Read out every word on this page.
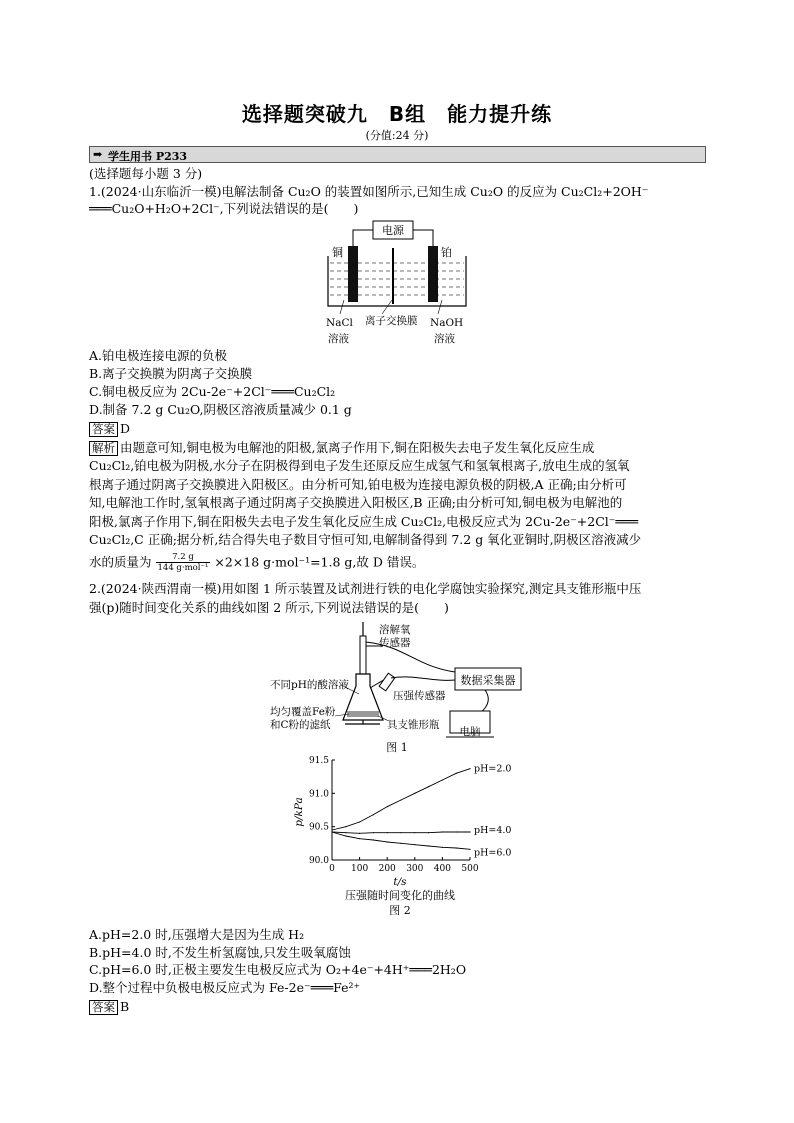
选择题突破九　B组　能力提升练
(分值:24 分)
➡ 学生用书 P233
(选择题每小题 3 分)
1.(2024·山东临沂一模)电解法制备 Cu₂O 的装置如图所示,已知生成 Cu₂O 的反应为 Cu₂Cl₂+2OH⁻
═══Cu₂O+H₂O+2Cl⁻,下列说法错误的是(　　)
电源
铜	铂
离子交换膜
NaCl
溶液
NaOH
溶液
A.铂电极连接电源的负极
B.离子交换膜为阴离子交换膜
C.铜电极反应为 2Cu-2e⁻+2Cl⁻═══Cu₂Cl₂
D.制备 7.2 g Cu₂O,阴极区溶液质量减少 0.1 g
答案 D
解析 由题意可知,铜电极为电解池的阳极,氯离子作用下,铜在阳极失去电子发生氧化反应生成
Cu₂Cl₂,铂电极为阴极,水分子在阴极得到电子发生还原反应生成氢气和氢氧根离子,放电生成的氢氧
根离子通过阴离子交换膜进入阳极区。由分析可知,铂电极为连接电源负极的阴极,A 正确;由分析可
知,电解池工作时,氢氧根离子通过阴离子交换膜进入阳极区,B 正确;由分析可知,铜电极为电解池的
阳极,氯离子作用下,铜在阳极失去电子发生氧化反应生成 Cu₂Cl₂,电极反应式为 2Cu-2e⁻+2Cl⁻═══
Cu₂Cl₂,C 正确;据分析,结合得失电子数目守恒可知,电解制备得到 7.2 g 氧化亚铜时,阴极区溶液减少
水的质量为	7.2 g
144 g·mol⁻¹ ×2×18 g·mol⁻¹=1.8 g,故 D 错误。
2.(2024·陕西渭南一模)用如图 1 所示装置及试剂进行铁的电化学腐蚀实验探究,测定具支锥形瓶中压
强(p)随时间变化关系的曲线如图 2 所示,下列说法错误的是(　　)
溶解氧
传感器
数据采集器
电脑
不同pH的酸溶液
压强传感器
均匀覆盖Fe粉
和C粉的滤纸	具支锥形瓶
图 1
0 100 200 300 400 500
90.0
90.5
91.0
91.5
pH=2.0
pH=4.0
pH=6.0
p/kPa
t/s
压强随时间变化的曲线
图 2
A.pH=2.0 时,压强增大是因为生成 H₂
B.pH=4.0 时,不发生析氢腐蚀,只发生吸氧腐蚀
C.pH=6.0 时,正极主要发生电极反应式为 O₂+4e⁻+4H⁺═══2H₂O
D.整个过程中负极电极反应式为 Fe-2e⁻═══Fe²⁺
答案 B
